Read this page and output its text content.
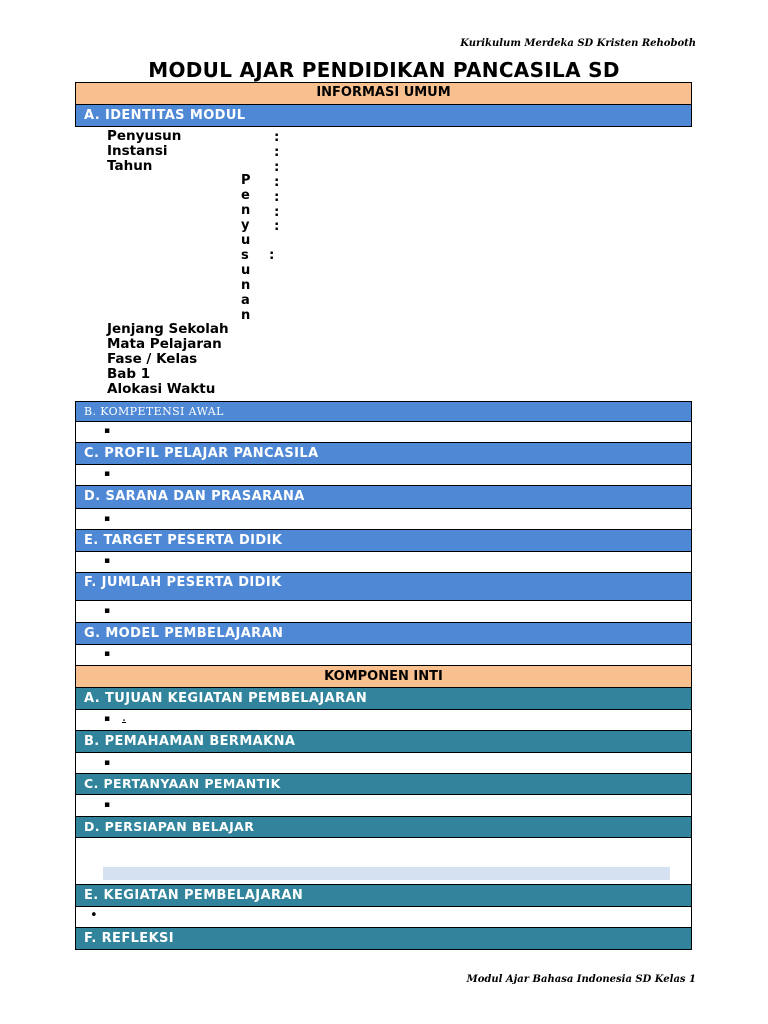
Kurikulum Merdeka SD Kristen Rehoboth
MODUL AJAR PENDIDIKAN PANCASILA SD
INFORMASI UMUM
A. IDENTITAS MODUL
Penyusun
Instansi
Tahun
:
:
:
:
:
:
:
:
P
e
n
y
u
s
u
n
a
n
Jenjang Sekolah
Mata Pelajaran
Fase / Kelas
Bab 1
Alokasi Waktu
B. KOMPETENSI AWAL
▪
C. PROFIL PELAJAR PANCASILA
▪
D. SARANA DAN PRASARANA
▪
E. TARGET PESERTA DIDIK
▪
F. JUMLAH PESERTA DIDIK
▪
G. MODEL PEMBELAJARAN
▪
KOMPONEN INTI
A. TUJUAN KEGIATAN PEMBELAJARAN
▪ .
B. PEMAHAMAN BERMAKNA
▪
C. PERTANYAAN PEMANTIK
▪
D. PERSIAPAN BELAJAR
E. KEGIATAN PEMBELAJARAN
•
F. REFLEKSI
Modul Ajar Bahasa Indonesia SD Kelas 1
